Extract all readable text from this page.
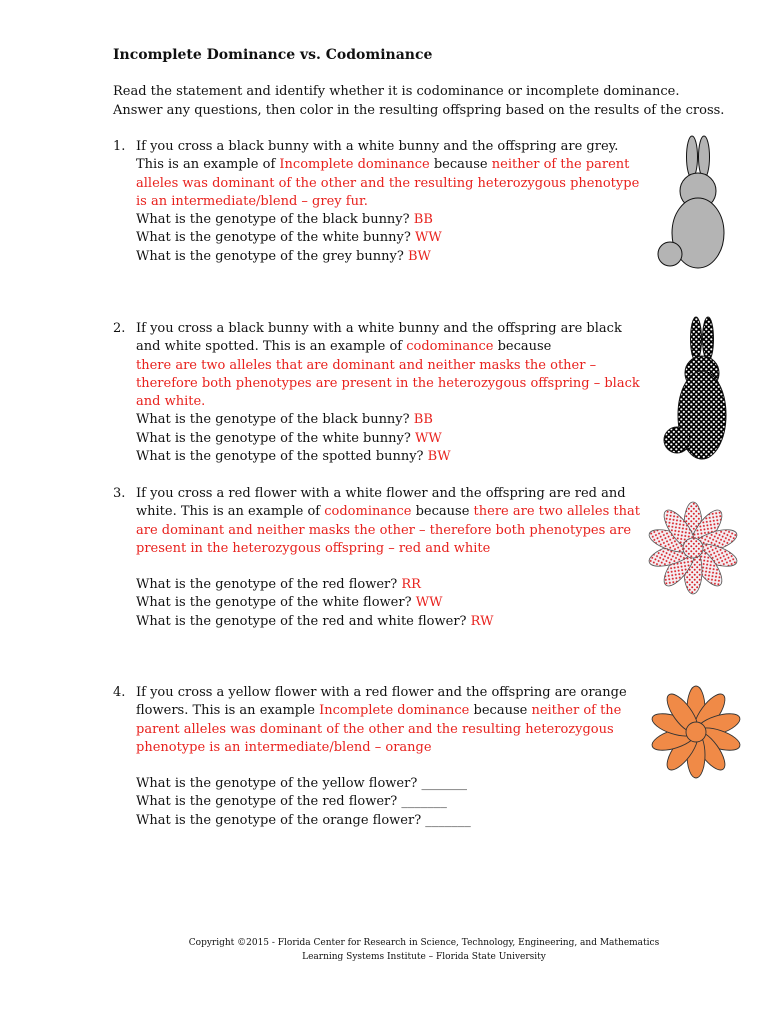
Incomplete Dominance vs. Codominance
Read the statement and identify whether it is codominance or incomplete dominance.
Answer any questions, then color in the resulting offspring based on the results of the cross.
1. If you cross a black bunny with a white bunny and the offspring are grey. This is an example of Incomplete dominance because neither of the parent alleles was dominant of the other and the resulting heterozygous phenotype is an intermediate/blend – grey fur.
What is the genotype of the black bunny? BB
What is the genotype of the white bunny? WW
What is the genotype of the grey bunny? BW
2. If you cross a black bunny with a white bunny and the offspring are black and white spotted. This is an example of codominance because
there are two alleles that are dominant and neither masks the other – therefore both phenotypes are present in the heterozygous offspring – black and white.
What is the genotype of the black bunny? BB
What is the genotype of the white bunny? WW
What is the genotype of the spotted bunny? BW
3. If you cross a red flower with a white flower and the offspring are red and white. This is an example of codominance because there are two alleles that are dominant and neither masks the other – therefore both phenotypes are present in the heterozygous offspring – red and white
What is the genotype of the red flower? RR
What is the genotype of the white flower? WW
What is the genotype of the red and white flower? RW
4. If you cross a yellow flower with a red flower and the offspring are orange flowers. This is an example Incomplete dominance because neither of the parent alleles was dominant of the other and the resulting heterozygous phenotype is an intermediate/blend – orange
What is the genotype of the yellow flower? _______
What is the genotype of the red flower? _______
What is the genotype of the orange flower? _______
Copyright ©2015 - Florida Center for Research in Science, Technology, Engineering, and Mathematics
Learning Systems Institute – Florida State University
